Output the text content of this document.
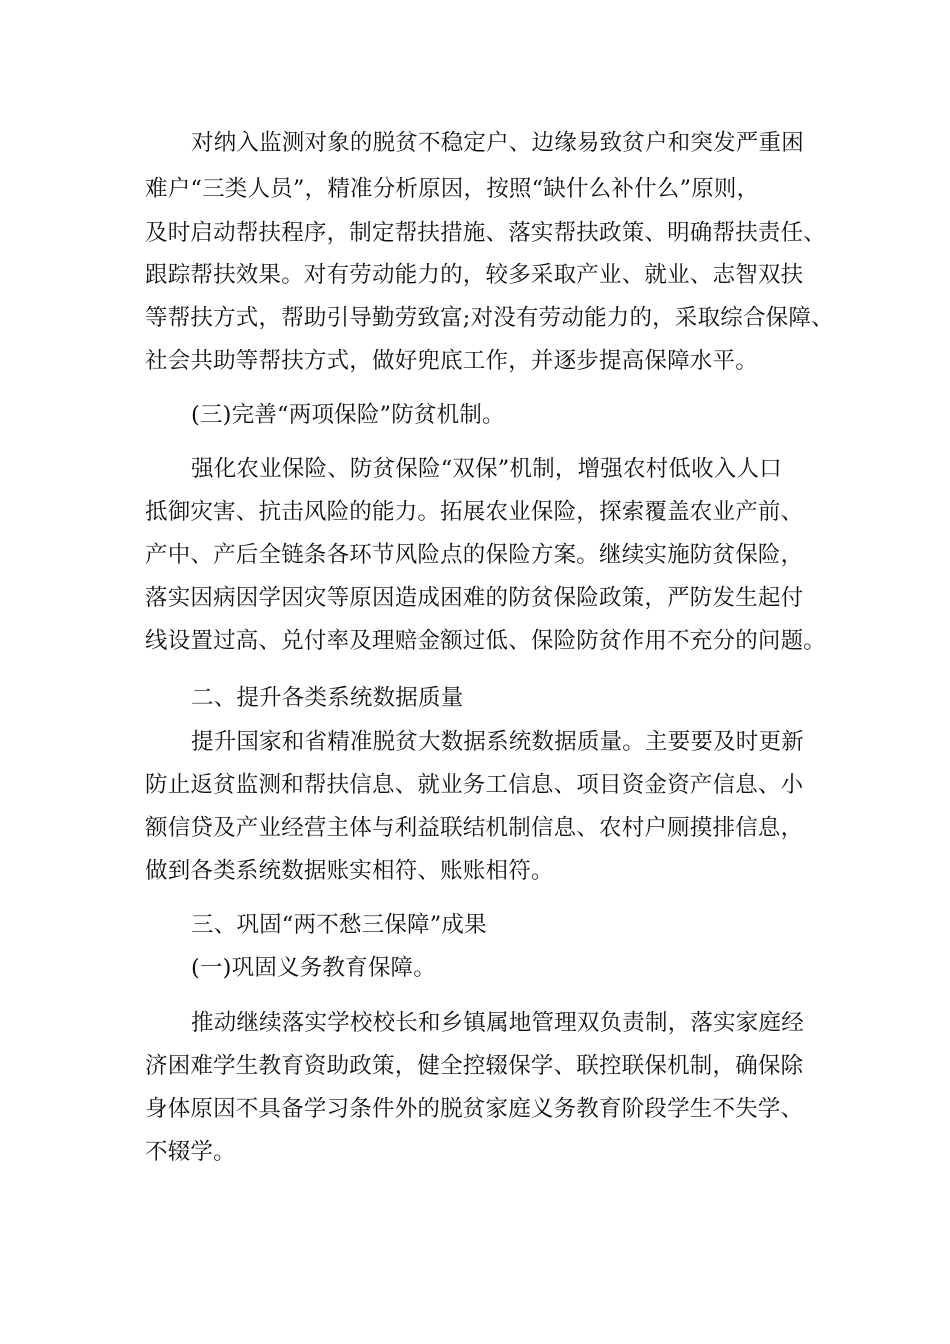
对纳入监测对象的脱贫不稳定户、边缘易致贫户和突发严重困
难户“三类人员”，精准分析原因，按照“缺什么补什么”原则，
及时启动帮扶程序，制定帮扶措施、落实帮扶政策、明确帮扶责任、
跟踪帮扶效果。对有劳动能力的，较多采取产业、就业、志智双扶
等帮扶方式，帮助引导勤劳致富;对没有劳动能力的，采取综合保障、
社会共助等帮扶方式，做好兜底工作，并逐步提高保障水平。
(三)完善“两项保险”防贫机制。
强化农业保险、防贫保险“双保”机制，增强农村低收入人口
抵御灾害、抗击风险的能力。拓展农业保险，探索覆盖农业产前、
产中、产后全链条各环节风险点的保险方案。继续实施防贫保险，
落实因病因学因灾等原因造成困难的防贫保险政策，严防发生起付
线设置过高、兑付率及理赔金额过低、保险防贫作用不充分的问题。
二、提升各类系统数据质量
提升国家和省精准脱贫大数据系统数据质量。主要要及时更新
防止返贫监测和帮扶信息、就业务工信息、项目资金资产信息、小
额信贷及产业经营主体与利益联结机制信息、农村户厕摸排信息，
做到各类系统数据账实相符、账账相符。
三、巩固“两不愁三保障”成果
(一)巩固义务教育保障。
推动继续落实学校校长和乡镇属地管理双负责制，落实家庭经
济困难学生教育资助政策，健全控辍保学、联控联保机制，确保除
身体原因不具备学习条件外的脱贫家庭义务教育阶段学生不失学、
不辍学。
